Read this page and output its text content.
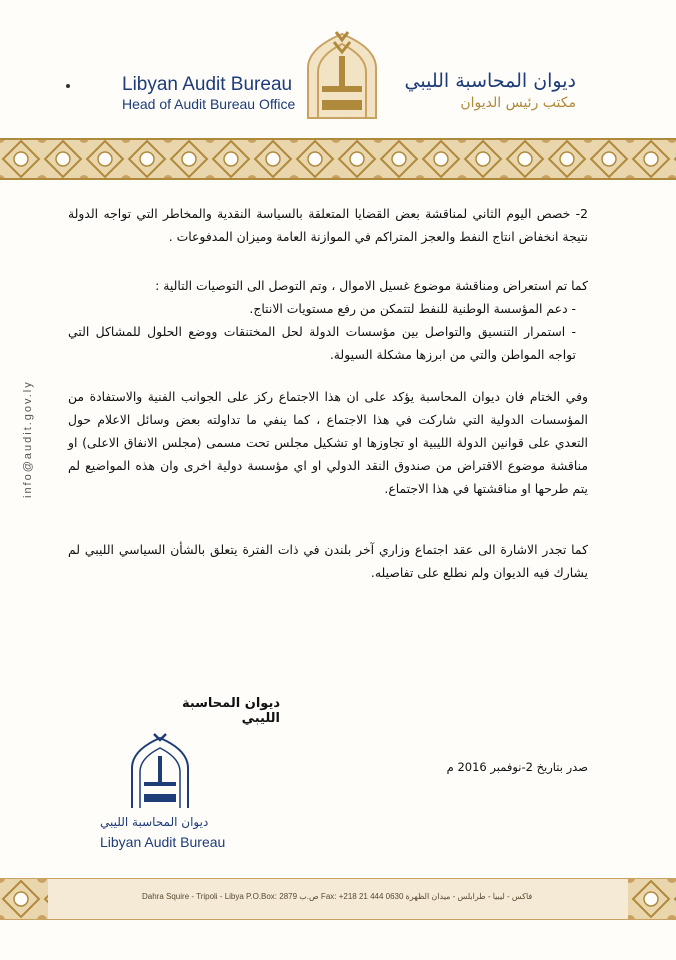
Libyan Audit Bureau
Head of Audit Bureau Office
ديوان المحاسبة الليبي
مكتب رئيس الديوان
info@audit.gov.ly
2- خصص اليوم الثاني لمناقشة بعض القضايا المتعلقة بالسياسة النقدية والمخاطر التي تواجه الدولة نتيجة انخفاض انتاج النفط والعجز المتراكم في الموازنة العامة وميزان المدفوعات .
كما تم استعراض ومناقشة موضوع غسيل الاموال ، وتم التوصل الى التوصيات التالية :
- دعم المؤسسة الوطنية للنفط لتتمكن من رفع مستويات الانتاج.
- استمرار التنسيق والتواصل بين مؤسسات الدولة لحل المختنقات ووضع الحلول للمشاكل التي تواجه المواطن والتي من ابرزها مشكلة السيولة.
وفي الختام فان ديوان المحاسبة يؤكد على ان هذا الاجتماع ركز على الجوانب الفنية والاستفادة من المؤسسات الدولية التي شاركت في هذا الاجتماع ، كما ينفي ما تداولته بعض وسائل الاعلام حول التعدي على قوانين الدولة الليبية او تجاوزها او تشكيل مجلس تحت مسمى (مجلس الانفاق الاعلى) او مناقشة موضوع الاقتراض من صندوق النقد الدولي او اي مؤسسة دولية اخرى وان هذه المواضيع لم يتم طرحها او مناقشتها في هذا الاجتماع.
كما تجدر الاشارة الى عقد اجتماع وزاري آخر بلندن في ذات الفترة يتعلق بالشأن السياسي الليبي لم يشارك فيه الديوان ولم نطلع على تفاصيله.
ديوان المحاسبة الليبي
صدر بتاريخ 2-نوفمبر 2016 م
ديوان المحاسبة الليبي
Libyan Audit Bureau
Dahra Squire - Tripoli - Libya P.O.Box: 2879 ص.ب Fax: +218 21 444 0630 فاكس - ليبيا - طرابلس - ميدان الظهرة
